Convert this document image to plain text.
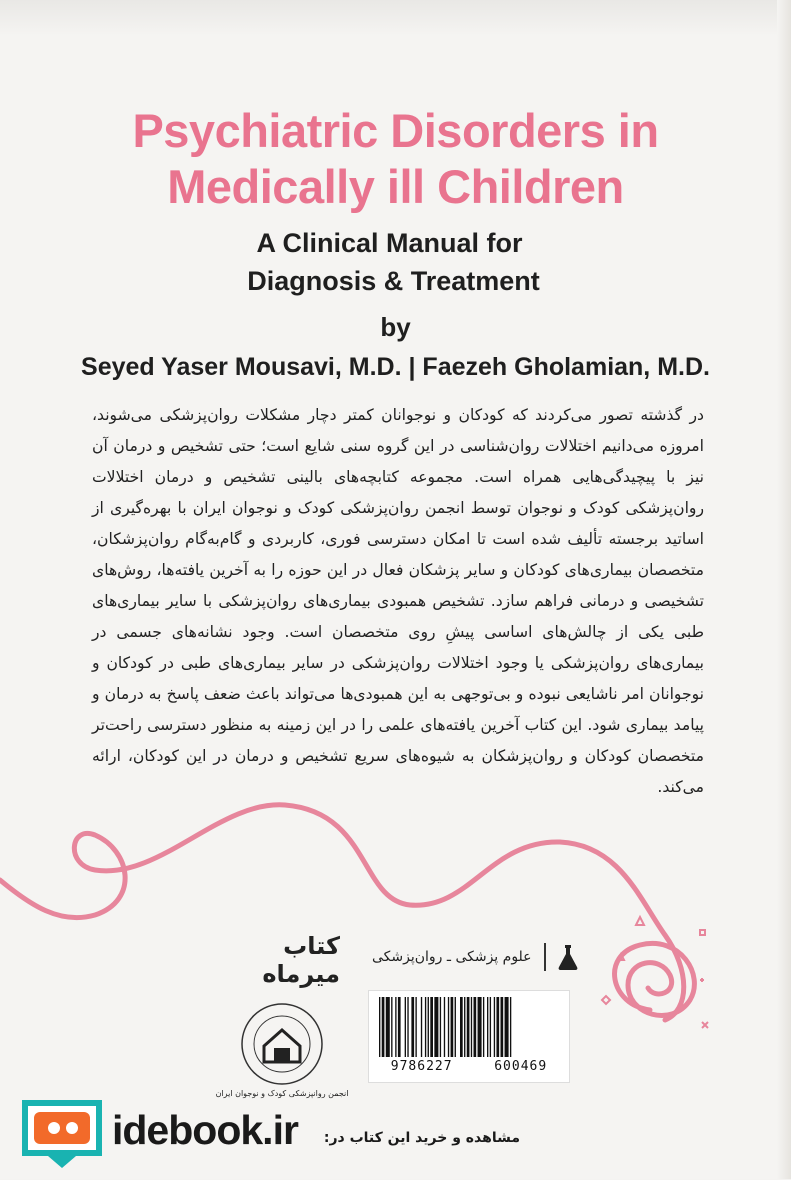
Psychiatric Disorders in
Medically ill Children
A Clinical Manual for
Diagnosis & Treatment
by
Seyed Yaser Mousavi, M.D. | Faezeh Gholamian, M.D.
در گذشته تصور می‌کردند که کودکان و نوجوانان کمتر دچار مشکلات روان‌پزشکی می‌شوند، امروزه می‌دانیم اختلالات روان‌شناسی در این گروه سنی شایع است؛ حتی تشخیص و درمان آن نیز با پیچیدگی‌هایی همراه است. مجموعه کتابچه‌های بالینی تشخیص و درمان اختلالات روان‌پزشکی کودک و نوجوان توسط انجمن روان‌پزشکی کودک و نوجوان ایران با بهره‌گیری از اساتید برجسته تألیف شده است تا امکان دسترسی فوری، کاربردی و گام‌به‌گام روان‌پزشکان، متخصصان بیماری‌های کودکان و سایر پزشکان فعال در این حوزه را به آخرین یافته‌ها، روش‌های تشخیصی و درمانی فراهم سازد. تشخیص همبودی بیماری‌های روان‌پزشکی با سایر بیماری‌های طبی یکی از چالش‌های اساسی پیشِ روی متخصصان است. وجود نشانه‌های جسمی در بیماری‌های روان‌پزشکی یا وجود اختلالات روان‌پزشکی در سایر بیماری‌های طبی در کودکان و نوجوانان امر ناشایعی نبوده و بی‌توجهی به این همبودی‌ها می‌تواند باعث ضعف پاسخ به درمان و پیامد بیماری شود. این کتاب آخرین یافته‌های علمی را در این زمینه به منظور دسترسی راحت‌تر متخصصان کودکان و روان‌پزشکان به شیوه‌های سریع تشخیص و درمان در این کودکان، ارائه می‌کند.
کتاب میرماه
علوم پزشکی ـ روان‌پزشکی
انجمن روانپزشکی کودک و نوجوان ایران
9786227	600469
idebook.ir مشاهده و خرید این کتاب در:
